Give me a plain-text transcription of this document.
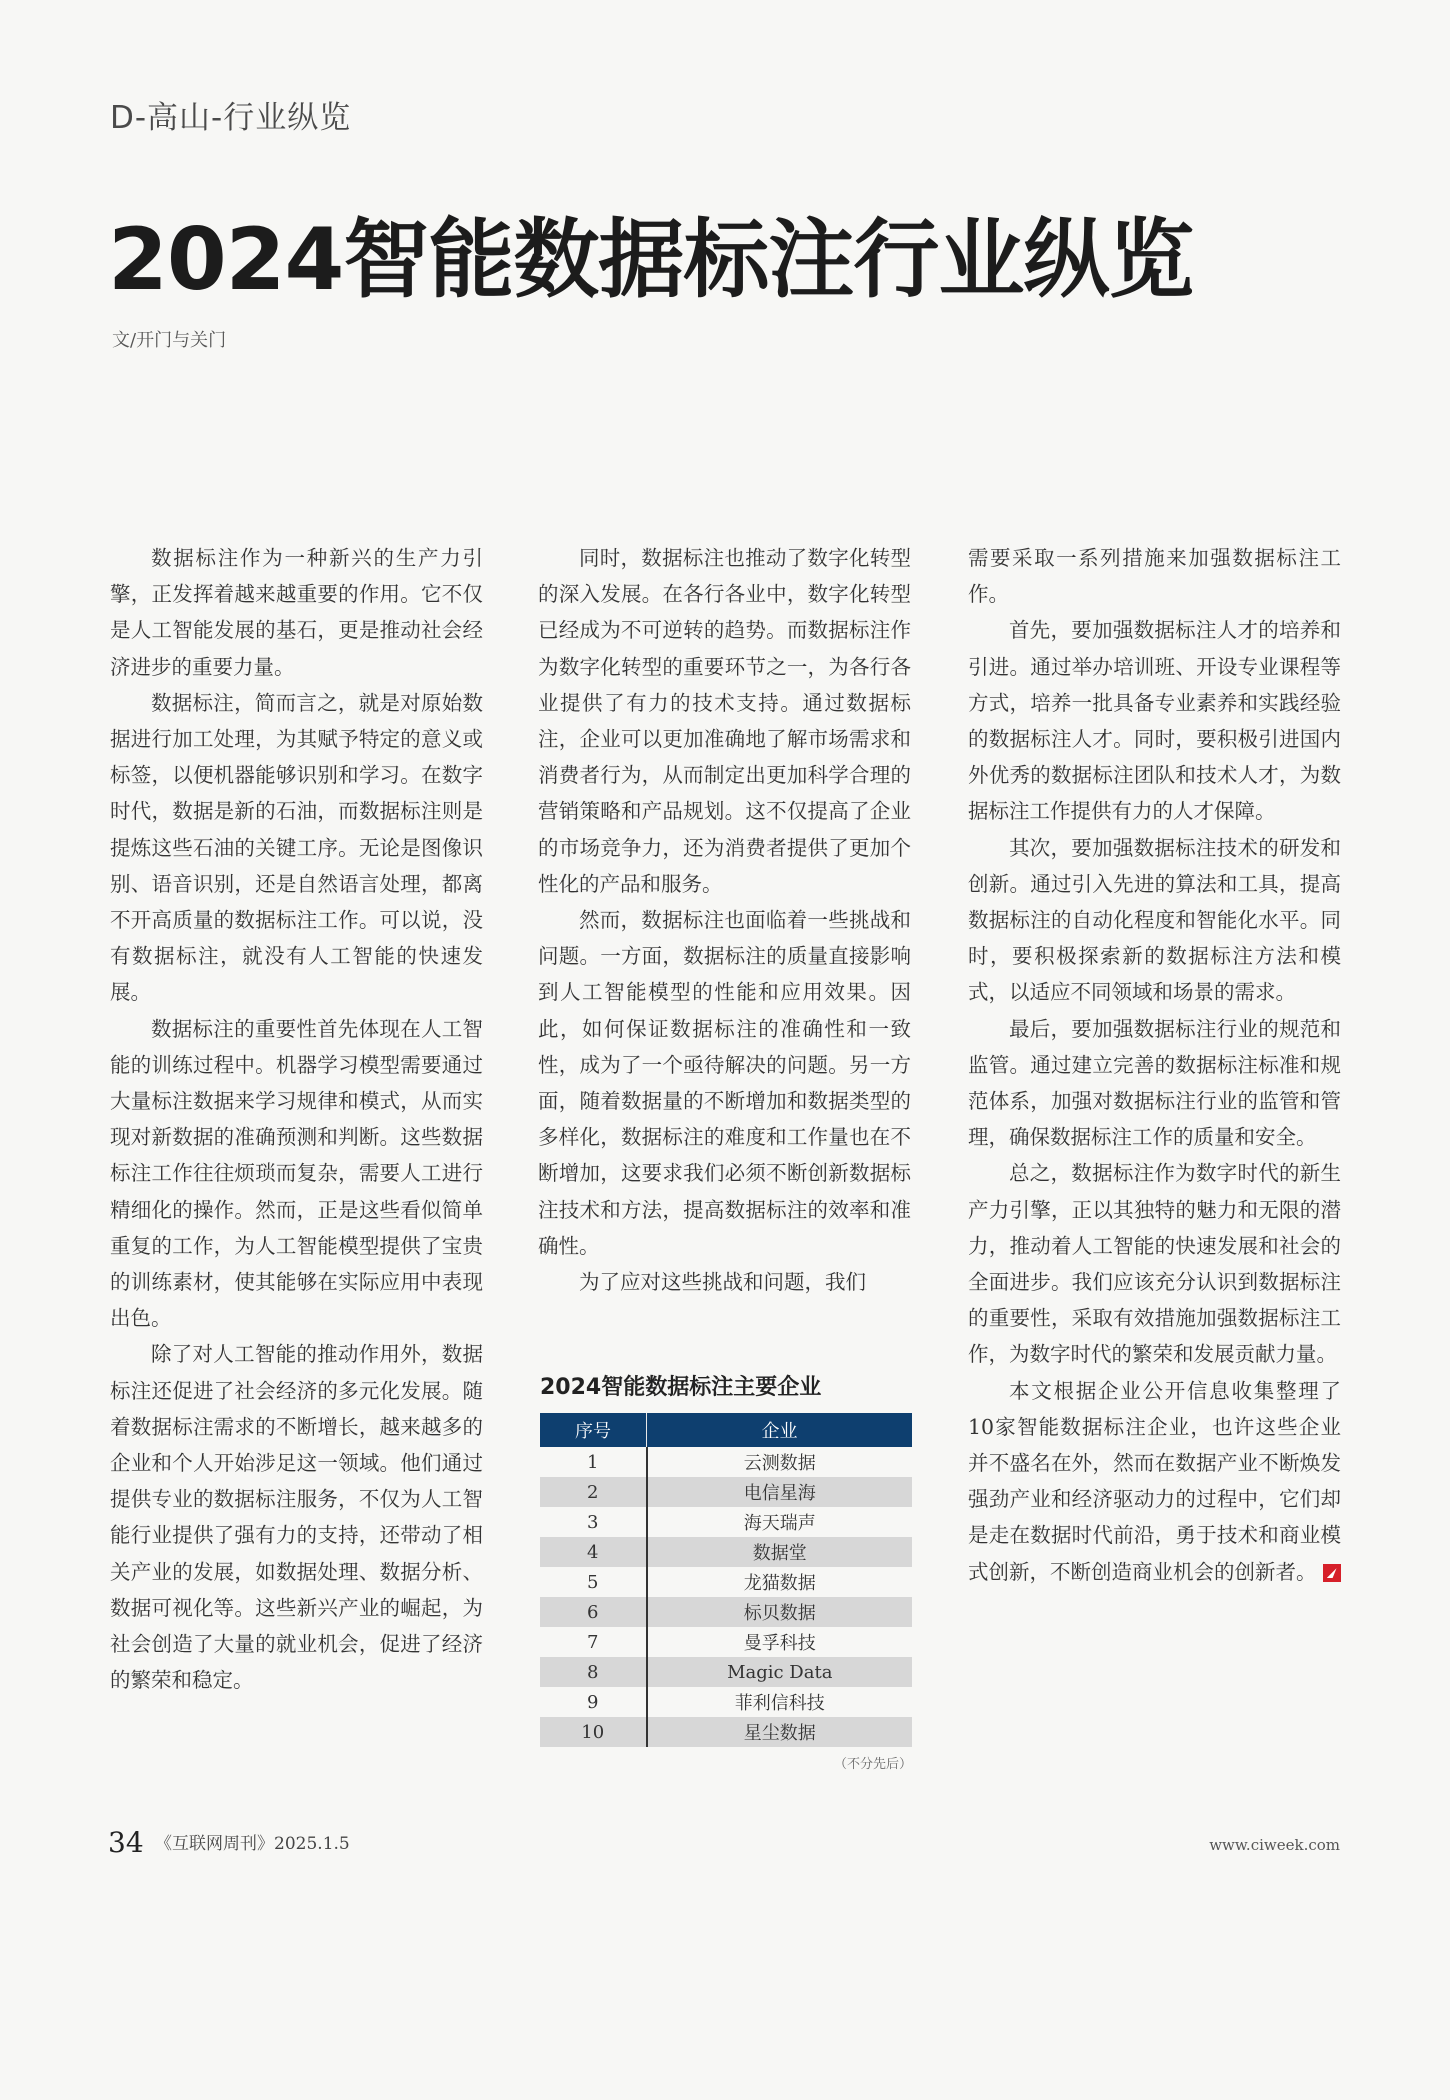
D-高山-行业纵览
2024智能数据标注行业纵览
文/开门与关门

数据标注作为一种新兴的生产力引擎，正发挥着越来越重要的作用。它不仅是人工智能发展的基石，更是推动社会经济进步的重要力量。

数据标注，简而言之，就是对原始数据进行加工处理，为其赋予特定的意义或标签，以便机器能够识别和学习。在数字时代，数据是新的石油，而数据标注则是提炼这些石油的关键工序。无论是图像识别、语音识别，还是自然语言处理，都离不开高质量的数据标注工作。可以说，没有数据标注，就没有人工智能的快速发展。

数据标注的重要性首先体现在人工智能的训练过程中。机器学习模型需要通过大量标注数据来学习规律和模式，从而实现对新数据的准确预测和判断。这些数据标注工作往往烦琐而复杂，需要人工进行精细化的操作。然而，正是这些看似简单重复的工作，为人工智能模型提供了宝贵的训练素材，使其能够在实际应用中表现出色。

除了对人工智能的推动作用外，数据标注还促进了社会经济的多元化发展。随着数据标注需求的不断增长，越来越多的企业和个人开始涉足这一领域。他们通过提供专业的数据标注服务，不仅为人工智能行业提供了强有力的支持，还带动了相关产业的发展，如数据处理、数据分析、数据可视化等。这些新兴产业的崛起，为社会创造了大量的就业机会，促进了经济的繁荣和稳定。

同时，数据标注也推动了数字化转型的深入发展。在各行各业中，数字化转型已经成为不可逆转的趋势。而数据标注作为数字化转型的重要环节之一，为各行各业提供了有力的技术支持。通过数据标注，企业可以更加准确地了解市场需求和消费者行为，从而制定出更加科学合理的营销策略和产品规划。这不仅提高了企业的市场竞争力，还为消费者提供了更加个性化的产品和服务。

然而，数据标注也面临着一些挑战和问题。一方面，数据标注的质量直接影响到人工智能模型的性能和应用效果。因此，如何保证数据标注的准确性和一致性，成为了一个亟待解决的问题。另一方面，随着数据量的不断增加和数据类型的多样化，数据标注的难度和工作量也在不断增加，这要求我们必须不断创新数据标注技术和方法，提高数据标注的效率和准确性。

为了应对这些挑战和问题，我们

2024智能数据标注主要企业
序号	企业
1	云测数据
2	电信星海
3	海天瑞声
4	数据堂
5	龙猫数据
6	标贝数据
7	曼孚科技
8	Magic Data
9	菲利信科技
10	星尘数据
（不分先后）

需要采取一系列措施来加强数据标注工作。

首先，要加强数据标注人才的培养和引进。通过举办培训班、开设专业课程等方式，培养一批具备专业素养和实践经验的数据标注人才。同时，要积极引进国内外优秀的数据标注团队和技术人才，为数据标注工作提供有力的人才保障。

其次，要加强数据标注技术的研发和创新。通过引入先进的算法和工具，提高数据标注的自动化程度和智能化水平。同时，要积极探索新的数据标注方法和模式，以适应不同领域和场景的需求。

最后，要加强数据标注行业的规范和监管。通过建立完善的数据标注标准和规范体系，加强对数据标注行业的监管和管理，确保数据标注工作的质量和安全。

总之，数据标注作为数字时代的新生产力引擎，正以其独特的魅力和无限的潜力，推动着人工智能的快速发展和社会的全面进步。我们应该充分认识到数据标注的重要性，采取有效措施加强数据标注工作，为数字时代的繁荣和发展贡献力量。

本文根据企业公开信息收集整理了10家智能数据标注企业，也许这些企业并不盛名在外，然而在数据产业不断焕发强劲产业和经济驱动力的过程中，它们却是走在数据时代前沿，勇于技术和商业模式创新，不断创造商业机会的创新者。

34 《互联网周刊》2025.1.5	www.ciweek.com
